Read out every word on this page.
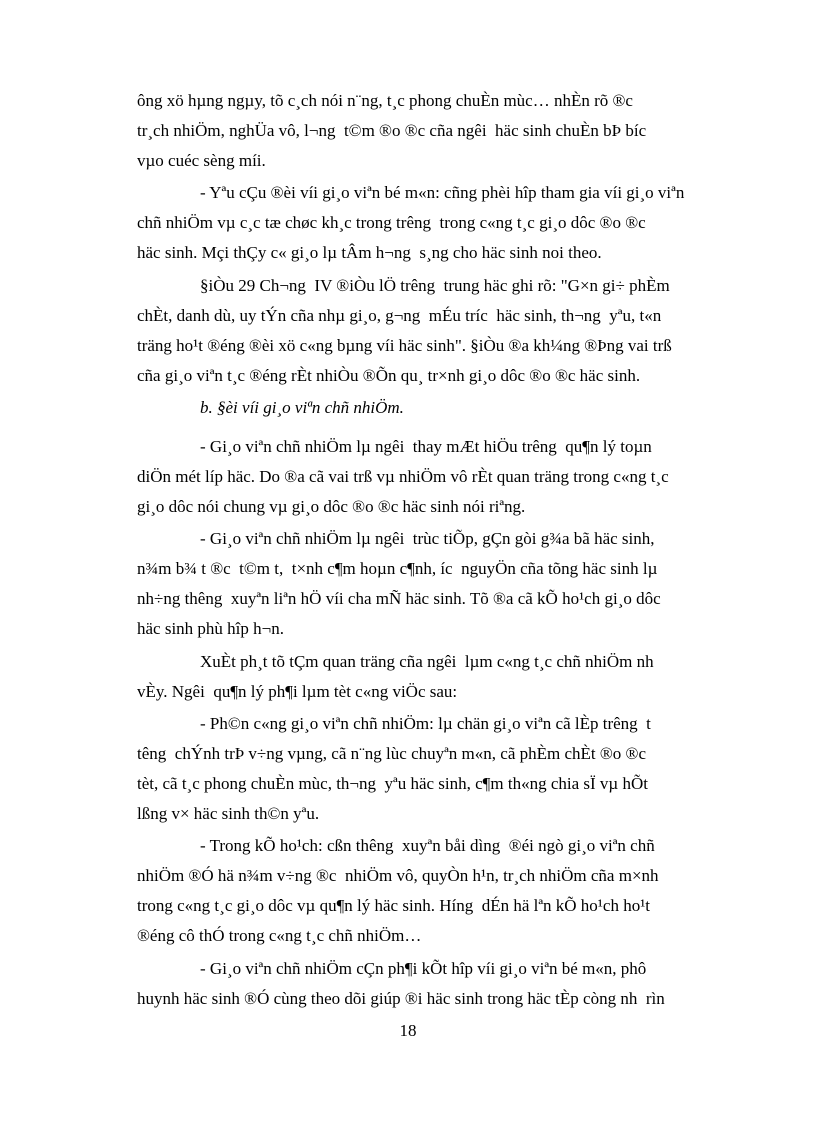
ông xö hµng ngµy, tõ c¸ch nói n¨ng, t¸c phong chuÈn mùc… nhÈn rõ ®c
tr¸ch nhiÖm, nghÜa vô, l¬ng  t©m ®o ®c cña ngêi  häc sinh chuÈn bÞ bíc
vµo cuéc sèng míi.
- Yªu cÇu ®èi víi gi¸o viªn bé m«n: cñng phèi hîp tham gia víi gi¸o viªn
chñ nhiÖm vµ c¸c tæ chøc kh¸c trong trêng  trong c«ng t¸c gi¸o dôc ®o ®c
häc sinh. Mçi thÇy c« gi¸o lµ tÂm h¬ng  s¸ng cho häc sinh noi theo.
§iÒu 29 Ch¬ng  IV ®iÒu lÖ trêng  trung häc ghi rõ: "G×n gi÷ phÈm
chÈt, danh dù, uy tÝn cña nhµ gi¸o, g¬ng  mÉu tríc  häc sinh, th¬ng  yªu, t«n
träng ho¹t ®éng ®èi xö c«ng bµng víi häc sinh". §iÒu ®a kh¼ng ®Þng vai trß
cña gi¸o viªn t¸c ®éng rÈt nhiÒu ®Õn qu¸ tr×nh gi¸o dôc ®o ®c häc sinh.
b. §èi víi gi¸o viªn chñ nhiÖm.
- Gi¸o viªn chñ nhiÖm lµ ngêi  thay mÆt hiÖu trêng  qu¶n lý toµn
diÖn mét líp häc. Do ®a cã vai trß vµ nhiÖm vô rÈt quan träng trong c«ng t¸c
gi¸o dôc nói chung vµ gi¸o dôc ®o ®c häc sinh nói riªng.
- Gi¸o viªn chñ nhiÖm lµ ngêi  trùc tiÕp, gÇn gòi g¾a bã häc sinh,
n¾m b¾ t ®c  t©m t,  t×nh c¶m hoµn c¶nh, íc  nguyÖn cña tõng häc sinh lµ
nh÷ng thêng  xuyªn liªn hÖ víi cha mÑ häc sinh. Tõ ®a cã kÕ ho¹ch gi¸o dôc
häc sinh phù hîp h¬n.
XuÈt ph¸t tõ tÇm quan träng cña ngêi  lµm c«ng t¸c chñ nhiÖm nh
vÈy. Ngêi  qu¶n lý ph¶i lµm tèt c«ng viÖc sau:
- Ph©n c«ng gi¸o viªn chñ nhiÖm: lµ chän gi¸o viªn cã lÈp trêng  t
têng  chÝnh trÞ v÷ng vµng, cã n¨ng lùc chuyªn m«n, cã phÈm chÈt ®o ®c
tèt, cã t¸c phong chuÈn mùc, th¬ng  yªu häc sinh, c¶m th«ng chia sÏ vµ hÕt
lßng v× häc sinh th©n yªu.
- Trong kÕ ho¹ch: cßn thêng  xuyªn båi dìng  ®éi ngò gi¸o viªn chñ
nhiÖm ®Ó hä n¾m v÷ng ®c  nhiÖm vô, quyÒn h¹n, tr¸ch nhiÖm cña m×nh
trong c«ng t¸c gi¸o dôc vµ qu¶n lý häc sinh. Híng  dÉn hä lªn kÕ ho¹ch ho¹t
®éng cô thÓ trong c«ng t¸c chñ nhiÖm…
- Gi¸o viªn chñ nhiÖm cÇn ph¶i kÕt hîp víi gi¸o viªn bé m«n, phô
huynh häc sinh ®Ó cùng theo dõi giúp ®i häc sinh trong häc tÈp còng nh  rìn
18
